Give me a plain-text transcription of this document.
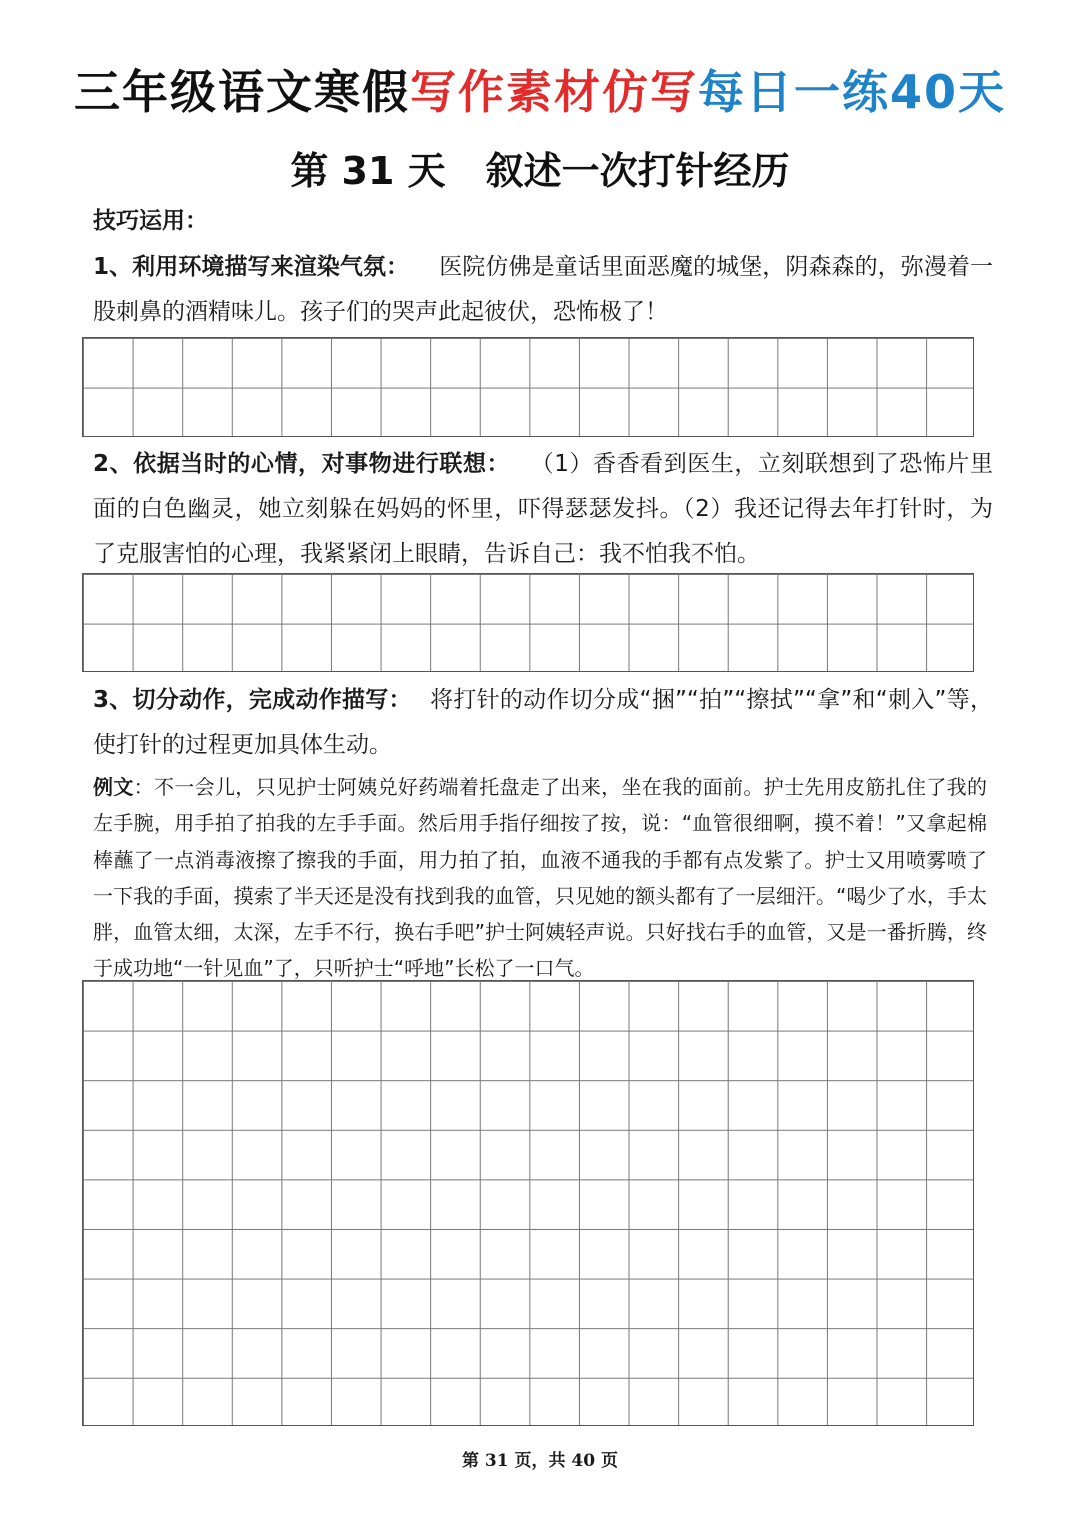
三年级语文寒假写作素材仿写每日一练40天
第 31 天 叙述一次打针经历
技巧运用：
1、利用环境描写来渲染气氛： 医院仿佛是童话里面恶魔的城堡，阴森森的，弥漫着一股刺鼻的酒精味儿。孩子们的哭声此起彼伏，恐怖极了！
2、依据当时的心情，对事物进行联想： （1）香香看到医生，立刻联想到了恐怖片里面的白色幽灵，她立刻躲在妈妈的怀里，吓得瑟瑟发抖。（2）我还记得去年打针时，为了克服害怕的心理，我紧紧闭上眼睛，告诉自己：我不怕我不怕。
3、切分动作，完成动作描写： 将打针的动作切分成“捆”“拍”“擦拭”“拿”和“刺入”等，使打针的过程更加具体生动。
例文：不一会儿，只见护士阿姨兑好药端着托盘走了出来，坐在我的面前。护士先用皮筋扎住了我的左手腕，用手拍了拍我的左手手面。然后用手指仔细按了按，说：“血管很细啊，摸不着！”又拿起棉棒蘸了一点消毒液擦了擦我的手面，用力拍了拍，血液不通我的手都有点发紫了。护士又用喷雾喷了一下我的手面，摸索了半天还是没有找到我的血管，只见她的额头都有了一层细汗。“喝少了水，手太胖，血管太细，太深，左手不行，换右手吧”护士阿姨轻声说。只好找右手的血管，又是一番折腾，终于成功地“一针见血”了，只听护士“呼地”长松了一口气。
第 31 页，共 40 页
